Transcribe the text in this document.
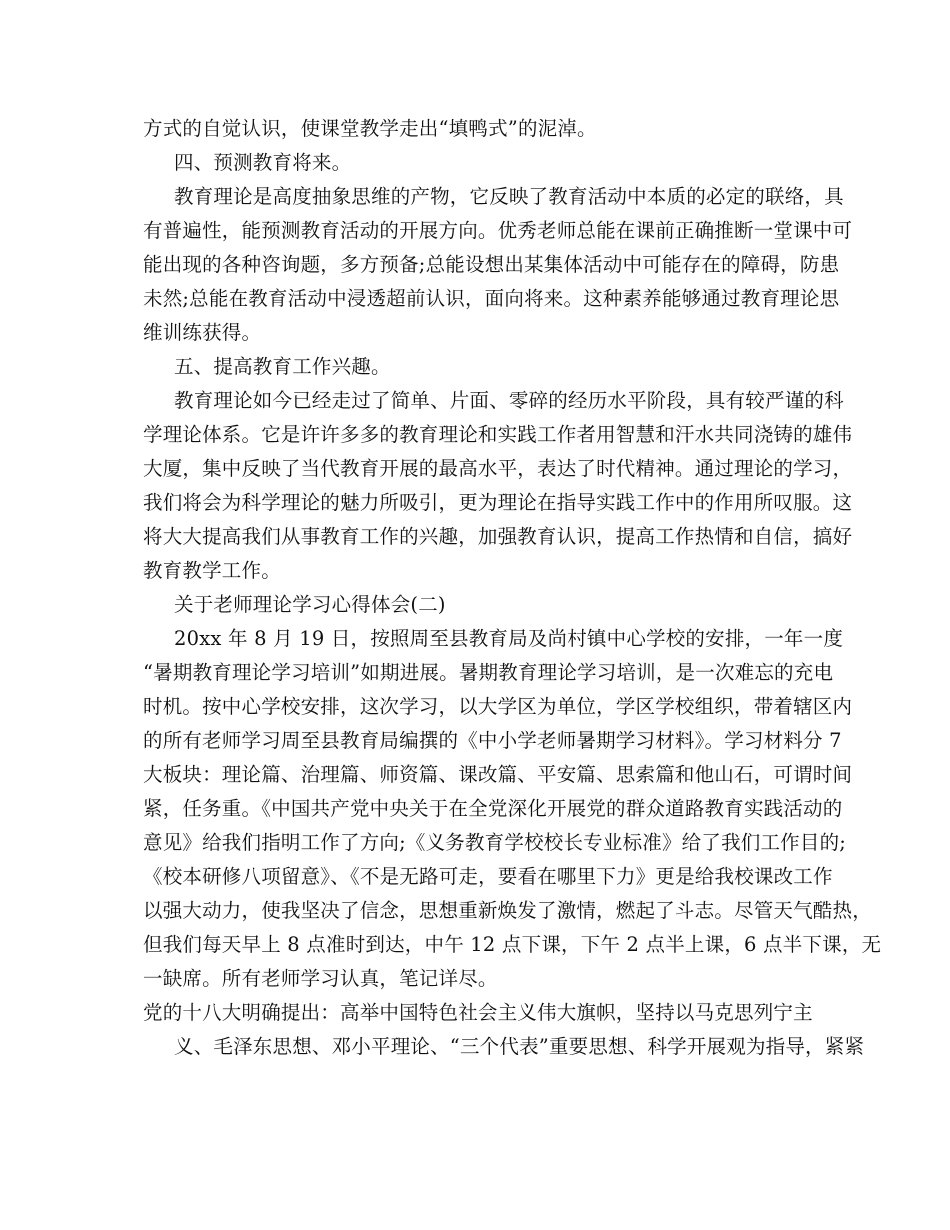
方式的自觉认识，使课堂教学走出“填鸭式”的泥淖。
四、预测教育将来。
教育理论是高度抽象思维的产物，它反映了教育活动中本质的必定的联络，具
有普遍性，能预测教育活动的开展方向。优秀老师总能在课前正确推断一堂课中可
能出现的各种咨询题，多方预备;总能设想出某集体活动中可能存在的障碍，防患
未然;总能在教育活动中浸透超前认识，面向将来。这种素养能够通过教育理论思
维训练获得。
五、提高教育工作兴趣。
教育理论如今已经走过了简单、片面、零碎的经历水平阶段，具有较严谨的科
学理论体系。它是许许多多的教育理论和实践工作者用智慧和汗水共同浇铸的雄伟
大厦，集中反映了当代教育开展的最高水平，表达了时代精神。通过理论的学习，
我们将会为科学理论的魅力所吸引，更为理论在指导实践工作中的作用所叹服。这
将大大提高我们从事教育工作的兴趣，加强教育认识，提高工作热情和自信，搞好
教育教学工作。
关于老师理论学习心得体会(二)
20xx 年 8 月 19 日，按照周至县教育局及尚村镇中心学校的安排，一年一度
“暑期教育理论学习培训”如期进展。暑期教育理论学习培训，是一次难忘的充电
时机。按中心学校安排，这次学习，以大学区为单位，学区学校组织，带着辖区内
的所有老师学习周至县教育局编撰的《中小学老师暑期学习材料》。学习材料分 7
大板块：理论篇、治理篇、师资篇、课改篇、平安篇、思索篇和他山石，可谓时间
紧，任务重。《中国共产党中央关于在全党深化开展党的群众道路教育实践活动的
意见》给我们指明工作了方向;《义务教育学校校长专业标准》给了我们工作目的;
《校本研修八项留意》、《不是无路可走，要看在哪里下力》更是给我校课改工作
以强大动力，使我坚决了信念，思想重新焕发了激情，燃起了斗志。尽管天气酷热，
但我们每天早上 8 点准时到达，中午 12 点下课，下午 2 点半上课，6 点半下课，无
一缺席。所有老师学习认真，笔记详尽。
党的十八大明确提出：高举中国特色社会主义伟大旗帜，坚持以马克思列宁主
义、毛泽东思想、邓小平理论、“三个代表”重要思想、科学开展观为指导，紧紧
